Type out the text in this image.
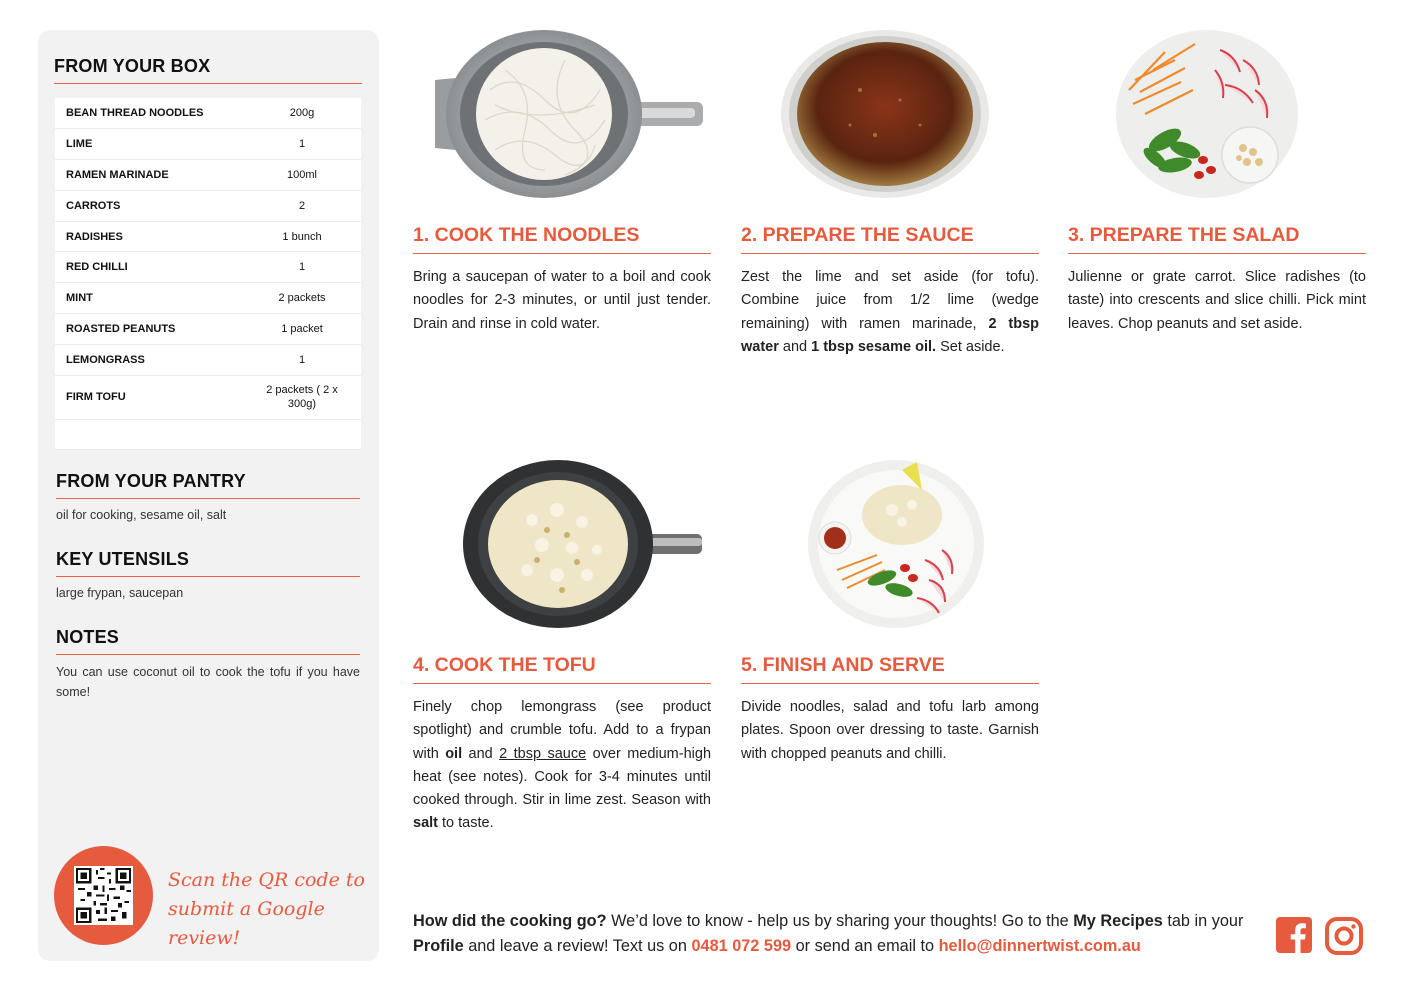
FROM YOUR BOX
BEAN THREAD NOODLES	200g
LIME	1
RAMEN MARINADE	100ml
CARROTS	2
RADISHES	1 bunch
RED CHILLI	1
MINT	2 packets
ROASTED PEANUTS	1 packet
LEMONGRASS	1
FIRM TOFU	2 packets ( 2 x 300g)

FROM YOUR PANTRY
oil for cooking, sesame oil, salt
KEY UTENSILS
large frypan, saucepan
NOTES
You can use coconut oil to cook the tofu if you have some!
Scan the QR code to
submit a Google review!
1. COOK THE NOODLES
Bring a saucepan of water to a boil and cook noodles for 2-3 minutes, or until just tender. Drain and rinse in cold water.
2. PREPARE THE SAUCE
Zest the lime and set aside (for tofu). Combine juice from 1/2 lime (wedge remaining) with ramen marinade, 2 tbsp water and 1 tbsp sesame oil. Set aside.
3. PREPARE THE SALAD
Julienne or grate carrot. Slice radishes (to taste) into crescents and slice chilli. Pick mint leaves. Chop peanuts and set aside.
4. COOK THE TOFU
Finely chop lemongrass (see product spotlight) and crumble tofu. Add to a frypan with oil and 2 tbsp sauce over medium-high heat (see notes). Cook for 3-4 minutes until cooked through. Stir in lime zest. Season with salt to taste.
5. FINISH AND SERVE
Divide noodles, salad and tofu larb among plates. Spoon over dressing to taste. Garnish with chopped peanuts and chilli.
How did the cooking go? We’d love to know - help us by sharing your thoughts! Go to the My Recipes tab in your Profile and leave a review! Text us on 0481 072 599 or send an email to hello@dinnertwist.com.au
